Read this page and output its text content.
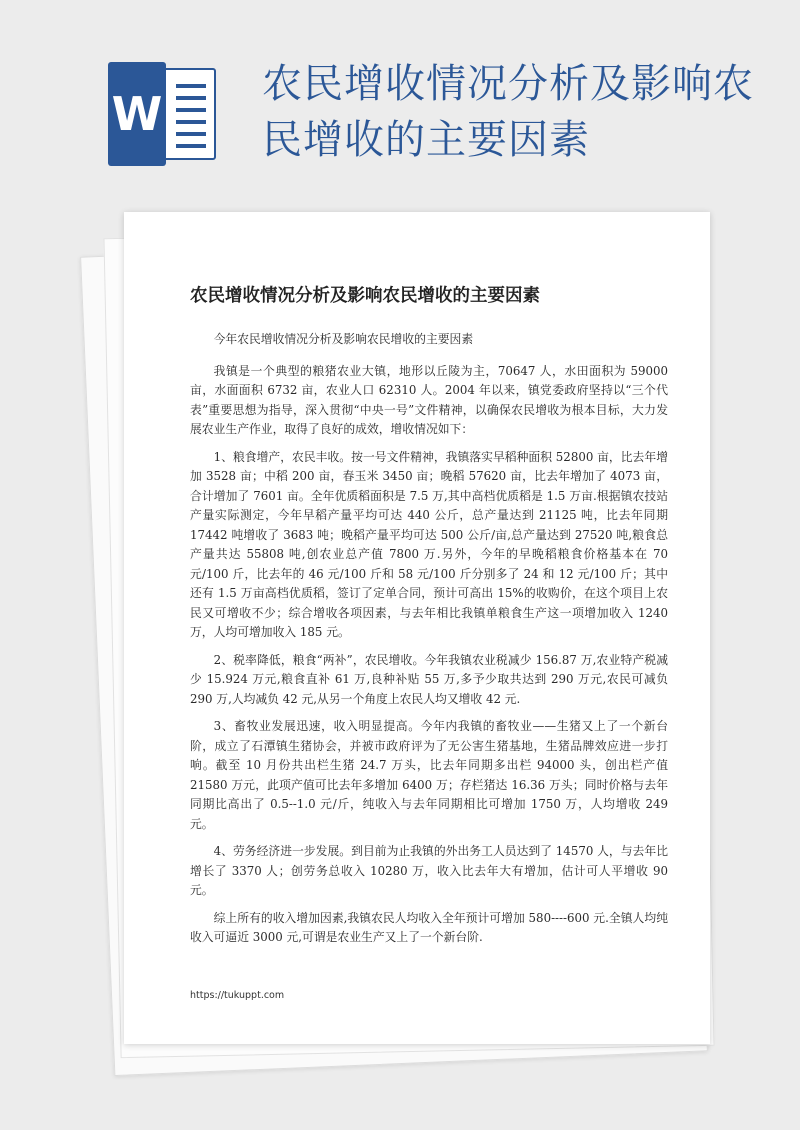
W
农民增收情况分析及影响农民增收的主要因素
农民增收情况分析及影响农民增收的主要因素

今年农民增收情况分析及影响农民增收的主要因素

我镇是一个典型的粮猪农业大镇，地形以丘陵为主，70647 人，水田面积为 59000 亩，水面面积 6732 亩，农业人口 62310 人。2004 年以来，镇党委政府坚持以“三个代表”重要思想为指导，深入贯彻“中央一号”文件精神，以确保农民增收为根本目标，大力发展农业生产作业，取得了良好的成效，增收情况如下：

1、粮食增产，农民丰收。按一号文件精神，我镇落实早稻种面积 52800 亩，比去年增加 3528 亩；中稻 200 亩，春玉米 3450 亩；晚稻 57620 亩，比去年增加了 4073 亩，合计增加了 7601 亩。全年优质稻面积是 7.5 万,其中高档优质稻是 1.5 万亩.根据镇农技站产量实际测定，今年早稻产量平均可达 440 公斤，总产量达到 21125 吨，比去年同期 17442 吨增收了 3683 吨；晚稻产量平均可达 500 公斤/亩,总产量达到 27520 吨,粮食总产量共达 55808 吨,创农业总产值 7800 万.另外，今年的早晚稻粮食价格基本在 70 元/100 斤，比去年的 46 元/100 斤和 58 元/100 斤分别多了 24 和 12 元/100 斤；其中还有 1.5 万亩高档优质稻，签订了定单合同，预计可高出 15%的收购价，在这个项目上农民又可增收不少；综合增收各项因素，与去年相比我镇单粮食生产这一项增加收入 1240 万，人均可增加收入 185 元。

2、税率降低，粮食“两补”，农民增收。今年我镇农业税减少 156.87 万,农业特产税减少 15.924 万元,粮食直补 61 万,良种补贴 55 万,多予少取共达到 290 万元,农民可减负 290 万,人均减负 42 元,从另一个角度上农民人均又增收 42 元.

3、畜牧业发展迅速，收入明显提高。今年内我镇的畜牧业——生猪又上了一个新台阶，成立了石潭镇生猪协会，并被市政府评为了无公害生猪基地，生猪品牌效应进一步打响。截至 10 月份共出栏生猪 24.7 万头，比去年同期多出栏 94000 头，创出栏产值 21580 万元，此项产值可比去年多增加 6400 万；存栏猪达 16.36 万头；同时价格与去年同期比高出了 0.5--1.0 元/斤，纯收入与去年同期相比可增加 1750 万，人均增收 249 元。

4、劳务经济进一步发展。到目前为止我镇的外出务工人员达到了 14570 人，与去年比增长了 3370 人；创劳务总收入 10280 万，收入比去年大有增加，估计可人平增收 90 元。

综上所有的收入增加因素,我镇农民人均收入全年预计可增加 580----600 元.全镇人均纯收入可逼近 3000 元,可谓是农业生产又上了一个新台阶.

https://tukuppt.com
